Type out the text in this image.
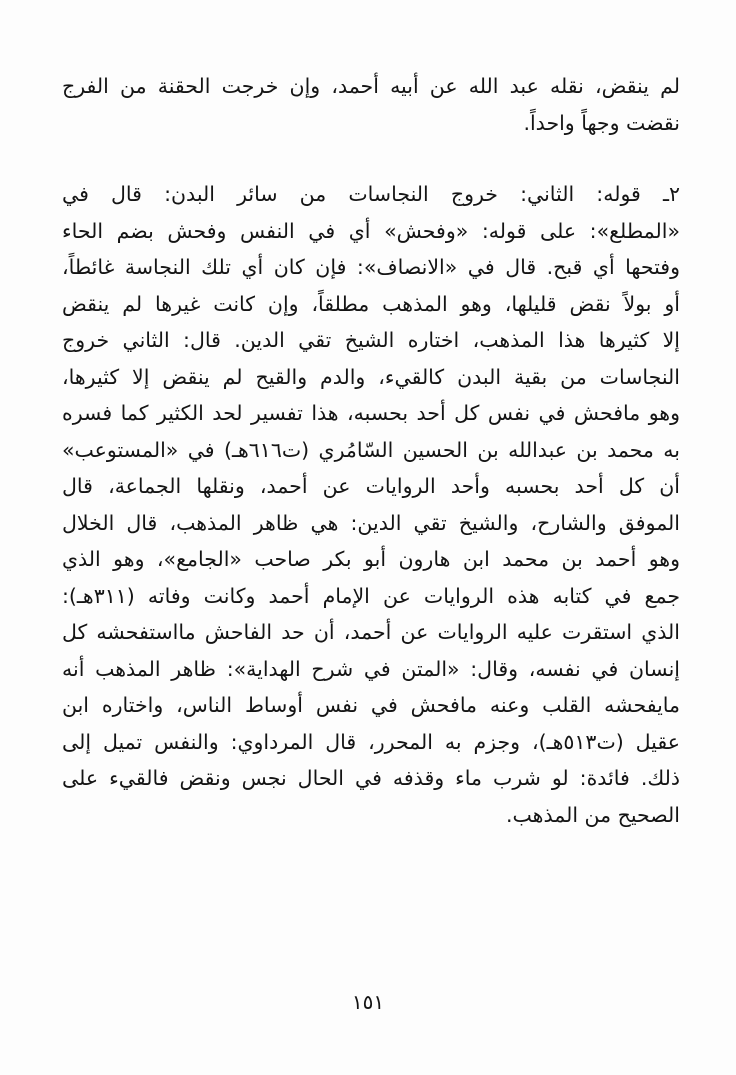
لم ينقض، نقله عبد الله عن أبيه أحمد، وإن خرجت الحقنة من الفرج
نقضت وجهاً واحداً.
٢ـ قوله: الثاني: خروج النجاسات من سائر البدن: قال في
«المطلع»: على قوله: «وفحش» أي في النفس وفحش بضم الحاء
وفتحها أي قبح. قال في «الانصاف»: فإن كان أي تلك النجاسة غائطاً،
أو بولاً نقض قليلها، وهو المذهب مطلقاً، وإن كانت غيرها لم ينقض
إلا كثيرها هذا المذهب، اختاره الشيخ تقي الدين. قال: الثاني خروج
النجاسات من بقية البدن كالقيء، والدم والقيح لم ينقض إلا كثيرها،
وهو مافحش في نفس كل أحد بحسبه، هذا تفسير لحد الكثير كما فسره
به محمد بن عبدالله بن الحسين السّامُري (ت٦١٦هـ) في «المستوعب»
أن كل أحد بحسبه وأحد الروايات عن أحمد، ونقلها الجماعة، قال
الموفق والشارح، والشيخ تقي الدين: هي ظاهر المذهب، قال الخلال
وهو أحمد بن محمد ابن هارون أبو بكر صاحب «الجامع»، وهو الذي
جمع في كتابه هذه الروايات عن الإمام أحمد وكانت وفاته (٣١١هـ):
الذي استقرت عليه الروايات عن أحمد، أن حد الفاحش مااستفحشه كل
إنسان في نفسه، وقال: «المتن في شرح الهداية»: ظاهر المذهب أنه
مايفحشه القلب وعنه مافحش في نفس أوساط الناس، واختاره ابن
عقيل (ت٥١٣هـ)، وجزم به المحرر، قال المرداوي: والنفس تميل إلى
ذلك. فائدة: لو شرب ماء وقذفه في الحال نجس ونقض فالقيء على
الصحيح من المذهب.
١٥١
